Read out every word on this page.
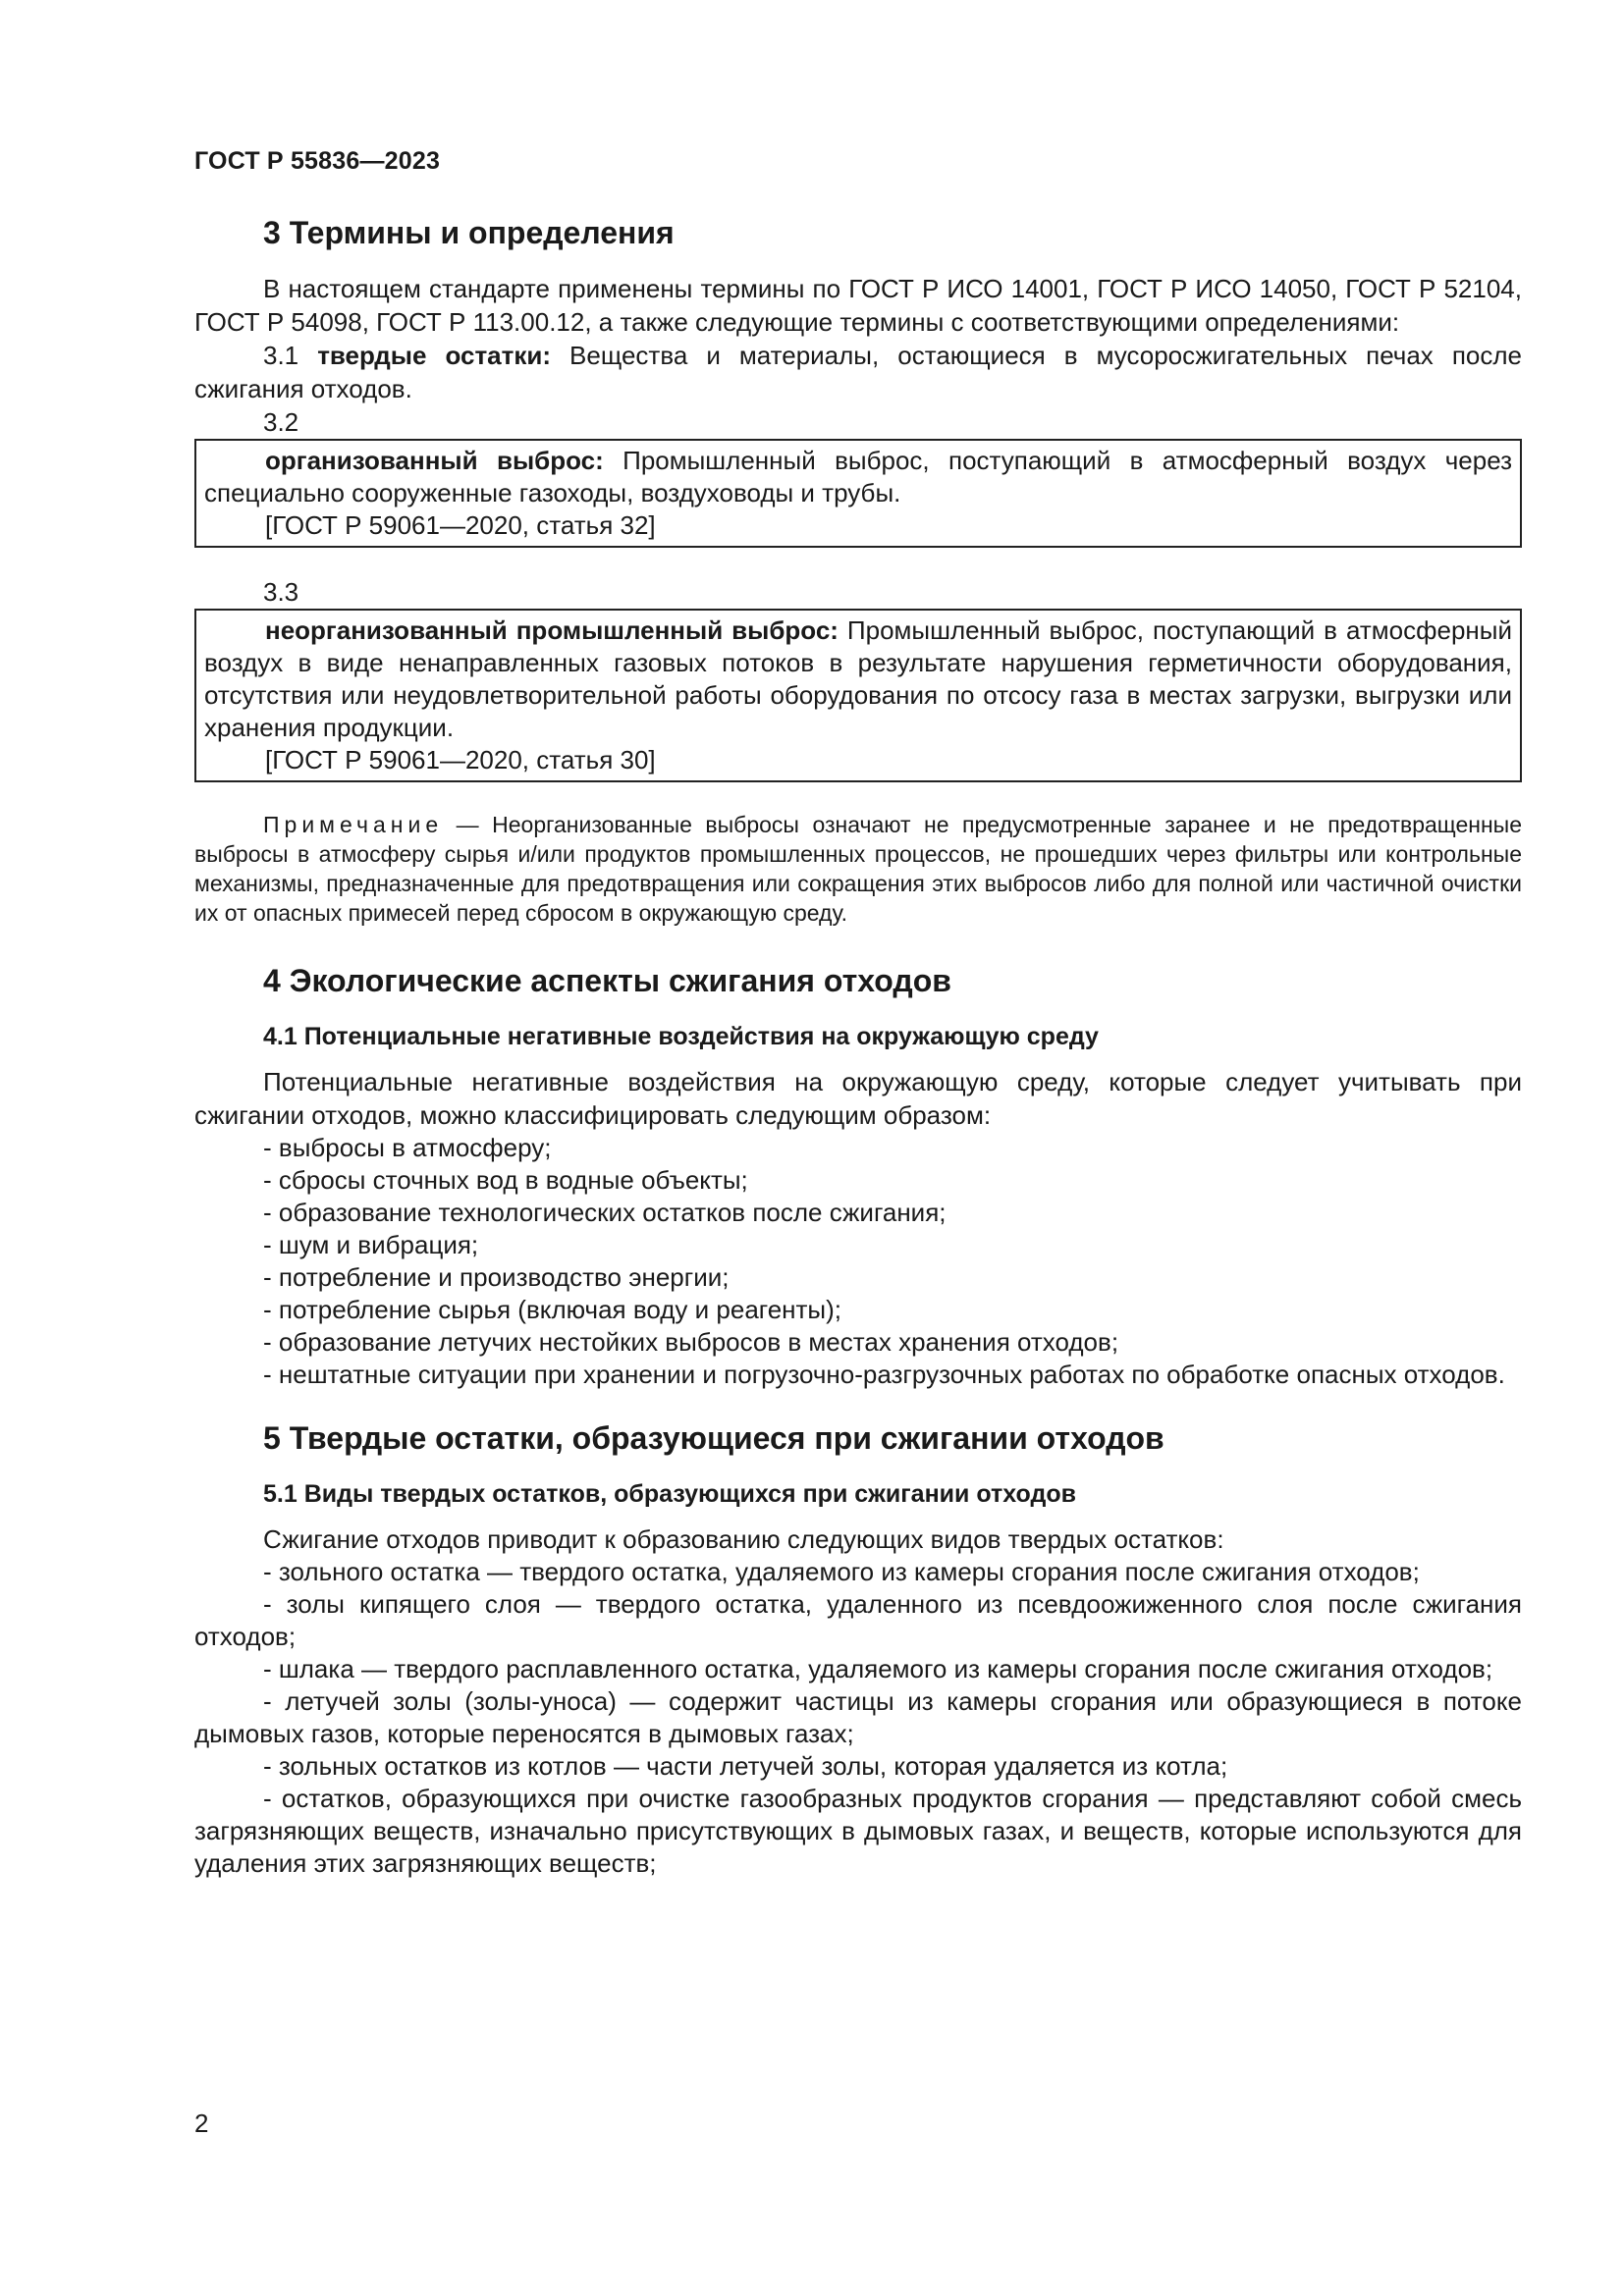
ГОСТ Р 55836—2023
3 Термины и определения

В настоящем стандарте применены термины по ГОСТ Р ИСО 14001, ГОСТ Р ИСО 14050, ГОСТ Р 52104, ГОСТ Р 54098, ГОСТ Р 113.00.12, а также следующие термины с соответствующими определениями:

3.1 твердые остатки: Вещества и материалы, остающиеся в мусоросжигательных печах после сжигания отходов.

3.2

организованный выброс: Промышленный выброс, поступающий в атмосферный воздух через специально сооруженные газоходы, воздуховоды и трубы.

[ГОСТ Р 59061—2020, статья 32]
3.3

неорганизованный промышленный выброс: Промышленный выброс, поступающий в атмосферный воздух в виде ненаправленных газовых потоков в результате нарушения герметичности оборудования, отсутствия или неудовлетворительной работы оборудования по отсосу газа в местах загрузки, выгрузки или хранения продукции.

[ГОСТ Р 59061—2020, статья 30]

Примечание — Неорганизованные выбросы означают не предусмотренные заранее и не предотвращенные выбросы в атмосферу сырья и/или продуктов промышленных процессов, не прошедших через фильтры или контрольные механизмы, предназначенные для предотвращения или сокращения этих выбросов либо для полной или частичной очистки их от опасных примесей перед сбросом в окружающую среду.

4 Экологические аспекты сжигания отходов
4.1 Потенциальные негативные воздействия на окружающую среду

Потенциальные негативные воздействия на окружающую среду, которые следует учитывать при сжигании отходов, можно классифицировать следующим образом:

- выбросы в атмосферу;

- сбросы сточных вод в водные объекты;

- образование технологических остатков после сжигания;

- шум и вибрация;

- потребление и производство энергии;

- потребление сырья (включая воду и реагенты);

- образование летучих нестойких выбросов в местах хранения отходов;

- нештатные ситуации при хранении и погрузочно-разгрузочных работах по обработке опасных отходов.

5 Твердые остатки, образующиеся при сжигании отходов
5.1 Виды твердых остатков, образующихся при сжигании отходов

Сжигание отходов приводит к образованию следующих видов твердых остатков:

- зольного остатка — твердого остатка, удаляемого из камеры сгорания после сжигания отходов;

- золы кипящего слоя — твердого остатка, удаленного из псевдоожиженного слоя после сжигания отходов;

- шлака — твердого расплавленного остатка, удаляемого из камеры сгорания после сжигания отходов;

- летучей золы (золы-уноса) — содержит частицы из камеры сгорания или образующиеся в потоке дымовых газов, которые переносятся в дымовых газах;

- зольных остатков из котлов — части летучей золы, которая удаляется из котла;

- остатков, образующихся при очистке газообразных продуктов сгорания — представляют собой смесь загрязняющих веществ, изначально присутствующих в дымовых газах, и веществ, которые используются для удаления этих загрязняющих веществ;

2
